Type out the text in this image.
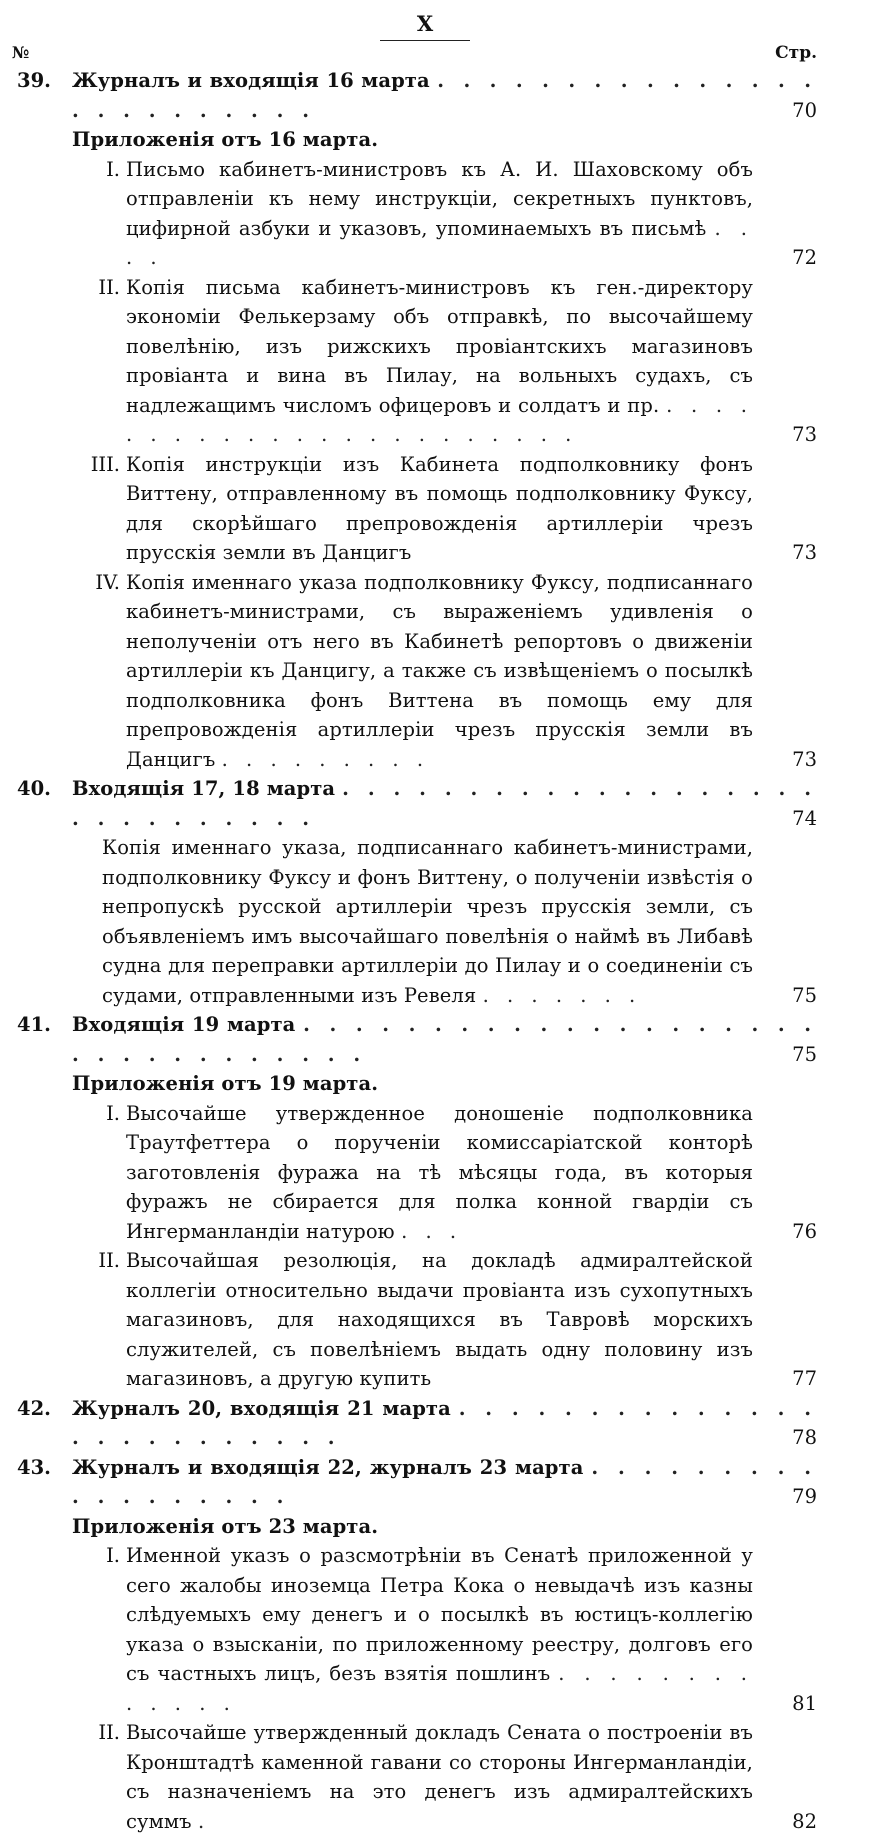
X
№	Стр.
39.	Журналъ и входящія 16 марта . . . . . . . . . . . . . . . . . . . . . . . . .	70
Приложенія отъ 16 марта.
I. Письмо кабинетъ-министровъ къ А. И. Шаховскому объ отправленіи къ нему инструкціи, секретныхъ пунктовъ, цифирной азбуки и указовъ, упоминаемыхъ въ письмѣ . . . .	72
II. Копія письма кабинетъ-министровъ къ ген.-директору экономіи Фелькерзаму объ отправкѣ, по высочайшему повелѣнію, изъ рижскихъ провіантскихъ магазиновъ провіанта и вина въ Пилау, на вольныхъ судахъ, съ надлежащимъ числомъ офицеровъ и солдатъ и пр. . . . . . . . . . . . . . . . . . . . . . . .	73
III. Копія инструкціи изъ Кабинета подполковнику фонъ Виттену, отправленному въ помощь подполковнику Фуксу, для скорѣйшаго препровожденія артиллеріи чрезъ прусскія земли въ Данцигъ	73
IV. Копія именнаго указа подполковнику Фуксу, подписаннаго кабинетъ-министрами, съ выраженіемъ удивленія о неполученіи отъ него въ Кабинетѣ репортовъ о движеніи артиллеріи къ Данцигу, а также съ извѣщеніемъ о посылкѣ подполковника фонъ Виттена въ помощь ему для препровожденія артиллеріи чрезъ прусскія земли въ Данцигъ . . . . . . . . .	73
40.	Входящія 17, 18 марта . . . . . . . . . . . . . . . . . . . . . . . . . . . . .	74
Копія именнаго указа, подписаннаго кабинетъ-министрами, подполковнику Фуксу и фонъ Виттену, о полученіи извѣстія о непропускѣ русской артиллеріи чрезъ прусскія земли, съ объявленіемъ имъ высочайшаго повелѣнія о наймѣ въ Либавѣ судна для переправки артиллеріи до Пилау и о соединеніи съ судами, отправленными изъ Ревеля . . . . . . .	75
41.	Входящія 19 марта . . . . . . . . . . . . . . . . . . . . . . . . . . . . . . . .	75
Приложенія отъ 19 марта.
I. Высочайше утвержденное доношеніе подполковника Траутфеттера о порученіи комиссаріатской конторѣ заготовленія фуража на тѣ мѣсяцы года, въ которыя фуражъ не сбирается для полка конной гвардіи съ Ингерманландіи натурою . . .	76
II. Высочайшая резолюція, на докладѣ адмиралтейской коллегіи относительно выдачи провіанта изъ сухопутныхъ магазиновъ, для находящихся въ Тавровѣ морскихъ служителей, съ повелѣніемъ выдать одну половину изъ магазиновъ, а другую купить	77
42.	Журналъ 20, входящія 21 марта . . . . . . . . . . . . . . . . . . . . . . . . .	78
43.	Журналъ и входящія 22, журналъ 23 марта . . . . . . . . . . . . . . . . . .	79
Приложенія отъ 23 марта.
I. Именной указъ о разсмотрѣніи въ Сенатѣ приложенной у сего жалобы иноземца Петра Кока о невыдачѣ изъ казны слѣдуемыхъ ему денегъ и о посылкѣ въ юстицъ-коллегію указа о взысканіи, по приложенному реестру, долговъ его съ частныхъ лицъ, безъ взятія пошлинъ . . . . . . . . . . . . .	81
II. Высочайше утвержденный докладъ Сената о построеніи въ Кронштадтѣ каменной гавани со стороны Ингерманландіи, съ назначеніемъ на это денегъ изъ адмиралтейскихъ суммъ .	82
